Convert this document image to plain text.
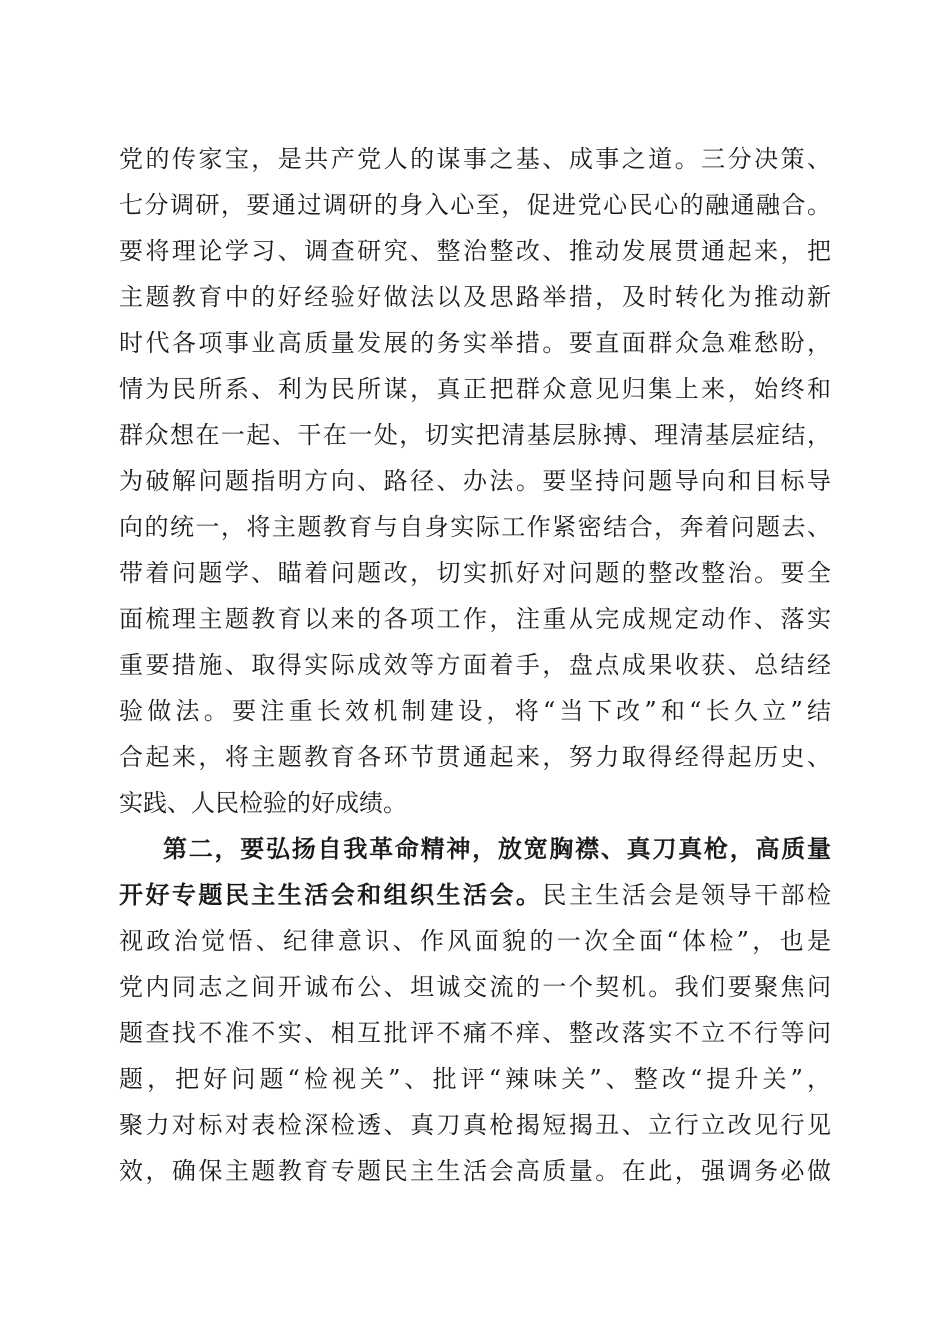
党的传家宝，是共产党人的谋事之基、成事之道。三分决策、
七分调研，要通过调研的身入心至，促进党心民心的融通融合。
要将理论学习、调查研究、整治整改、推动发展贯通起来，把
主题教育中的好经验好做法以及思路举措，及时转化为推动新
时代各项事业高质量发展的务实举措。要直面群众急难愁盼，
情为民所系、利为民所谋，真正把群众意见归集上来，始终和
群众想在一起、干在一处，切实把清基层脉搏、理清基层症结，
为破解问题指明方向、路径、办法。要坚持问题导向和目标导
向的统一，将主题教育与自身实际工作紧密结合，奔着问题去、
带着问题学、瞄着问题改，切实抓好对问题的整改整治。要全
面梳理主题教育以来的各项工作，注重从完成规定动作、落实
重要措施、取得实际成效等方面着手，盘点成果收获、总结经
验做法。要注重长效机制建设，将“当下改”和“长久立”结
合起来，将主题教育各环节贯通起来，努力取得经得起历史、
实践、人民检验的好成绩。
第二，要弘扬自我革命精神，放宽胸襟、真刀真枪，高质量
开好专题民主生活会和组织生活会。民主生活会是领导干部检
视政治觉悟、纪律意识、作风面貌的一次全面“体检”，也是
党内同志之间开诚布公、坦诚交流的一个契机。我们要聚焦问
题查找不准不实、相互批评不痛不痒、整改落实不立不行等问
题，把好问题“检视关”、批评“辣味关”、整改“提升关”，
聚力对标对表检深检透、真刀真枪揭短揭丑、立行立改见行见
效，确保主题教育专题民主生活会高质量。在此，强调务必做
